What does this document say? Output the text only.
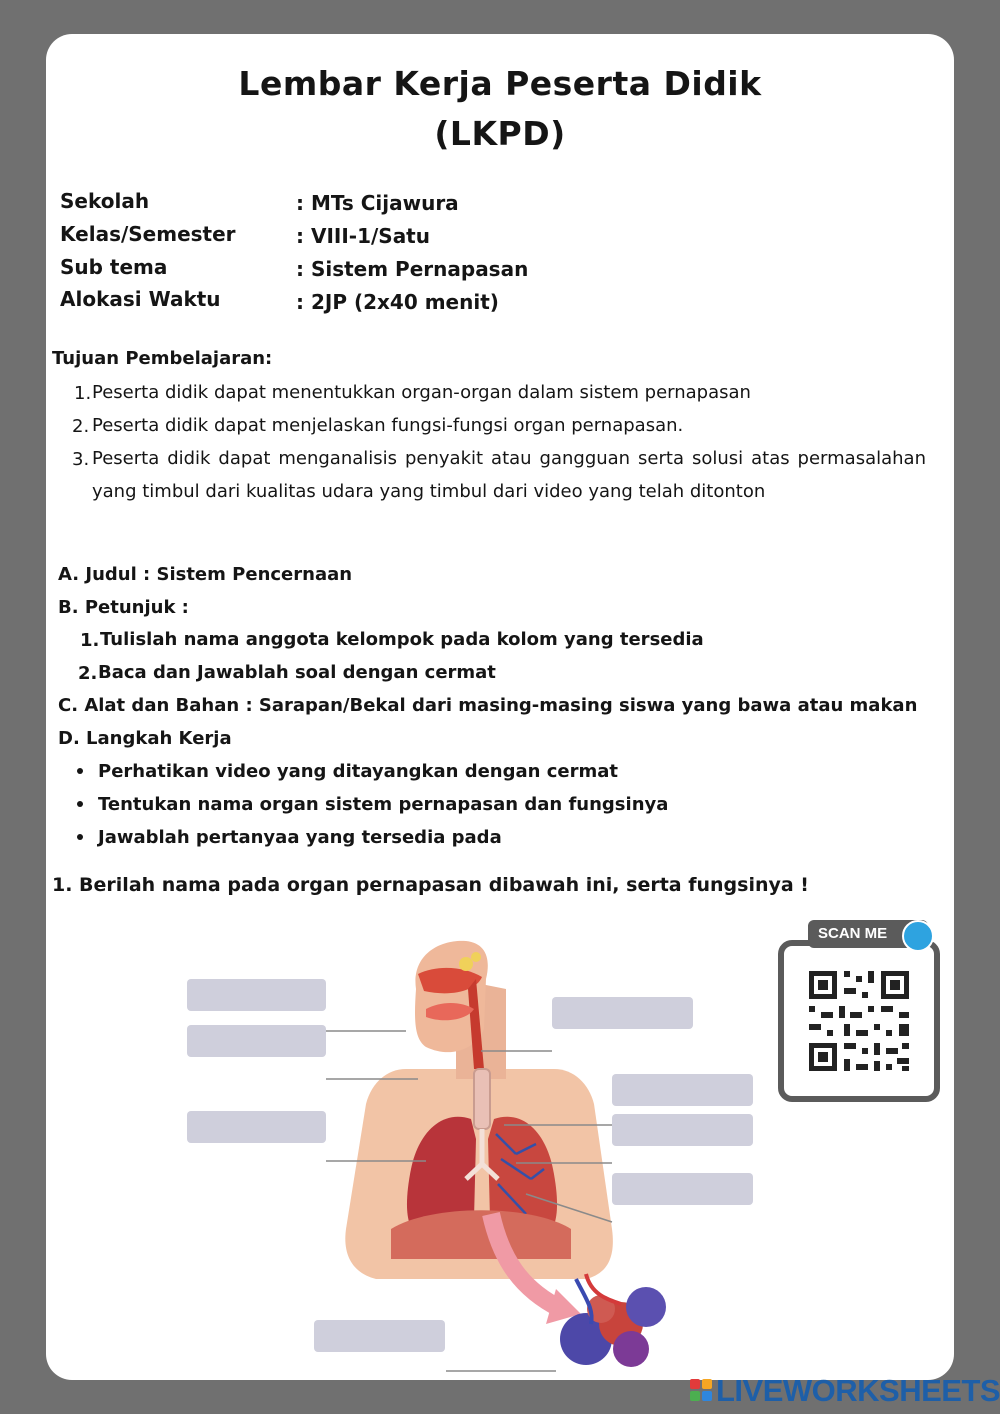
Lembar Kerja Peserta Didik
(LKPD)
Sekolah	: MTs Cijawura
Kelas/Semester	: VIII-1/Satu
Sub tema	: Sistem Pernapasan
Alokasi Waktu	: 2JP (2x40 menit)
Tujuan Pembelajaran:
1. Peserta didik dapat menentukkan organ-organ dalam sistem pernapasan
2. Peserta didik dapat menjelaskan fungsi-fungsi organ pernapasan.
3. Peserta didik dapat menganalisis penyakit atau gangguan serta solusi atas permasalahan yang timbul dari kualitas udara yang timbul dari video yang telah ditonton
A. Judul : Sistem Pencernaan
B. Petunjuk :
1. Tulislah nama anggota kelompok pada kolom yang tersedia
2. Baca dan Jawablah soal dengan cermat
C. Alat dan Bahan : Sarapan/Bekal dari masing-masing siswa yang bawa atau makan
D. Langkah Kerja
Perhatikan video yang ditayangkan dengan cermat
Tentukan nama organ sistem pernapasan dan fungsinya
Jawablah pertanyaa yang tersedia pada
1. Berilah nama pada organ pernapasan dibawah ini, serta fungsinya !
SCAN ME
LIVEWORKSHEETS
